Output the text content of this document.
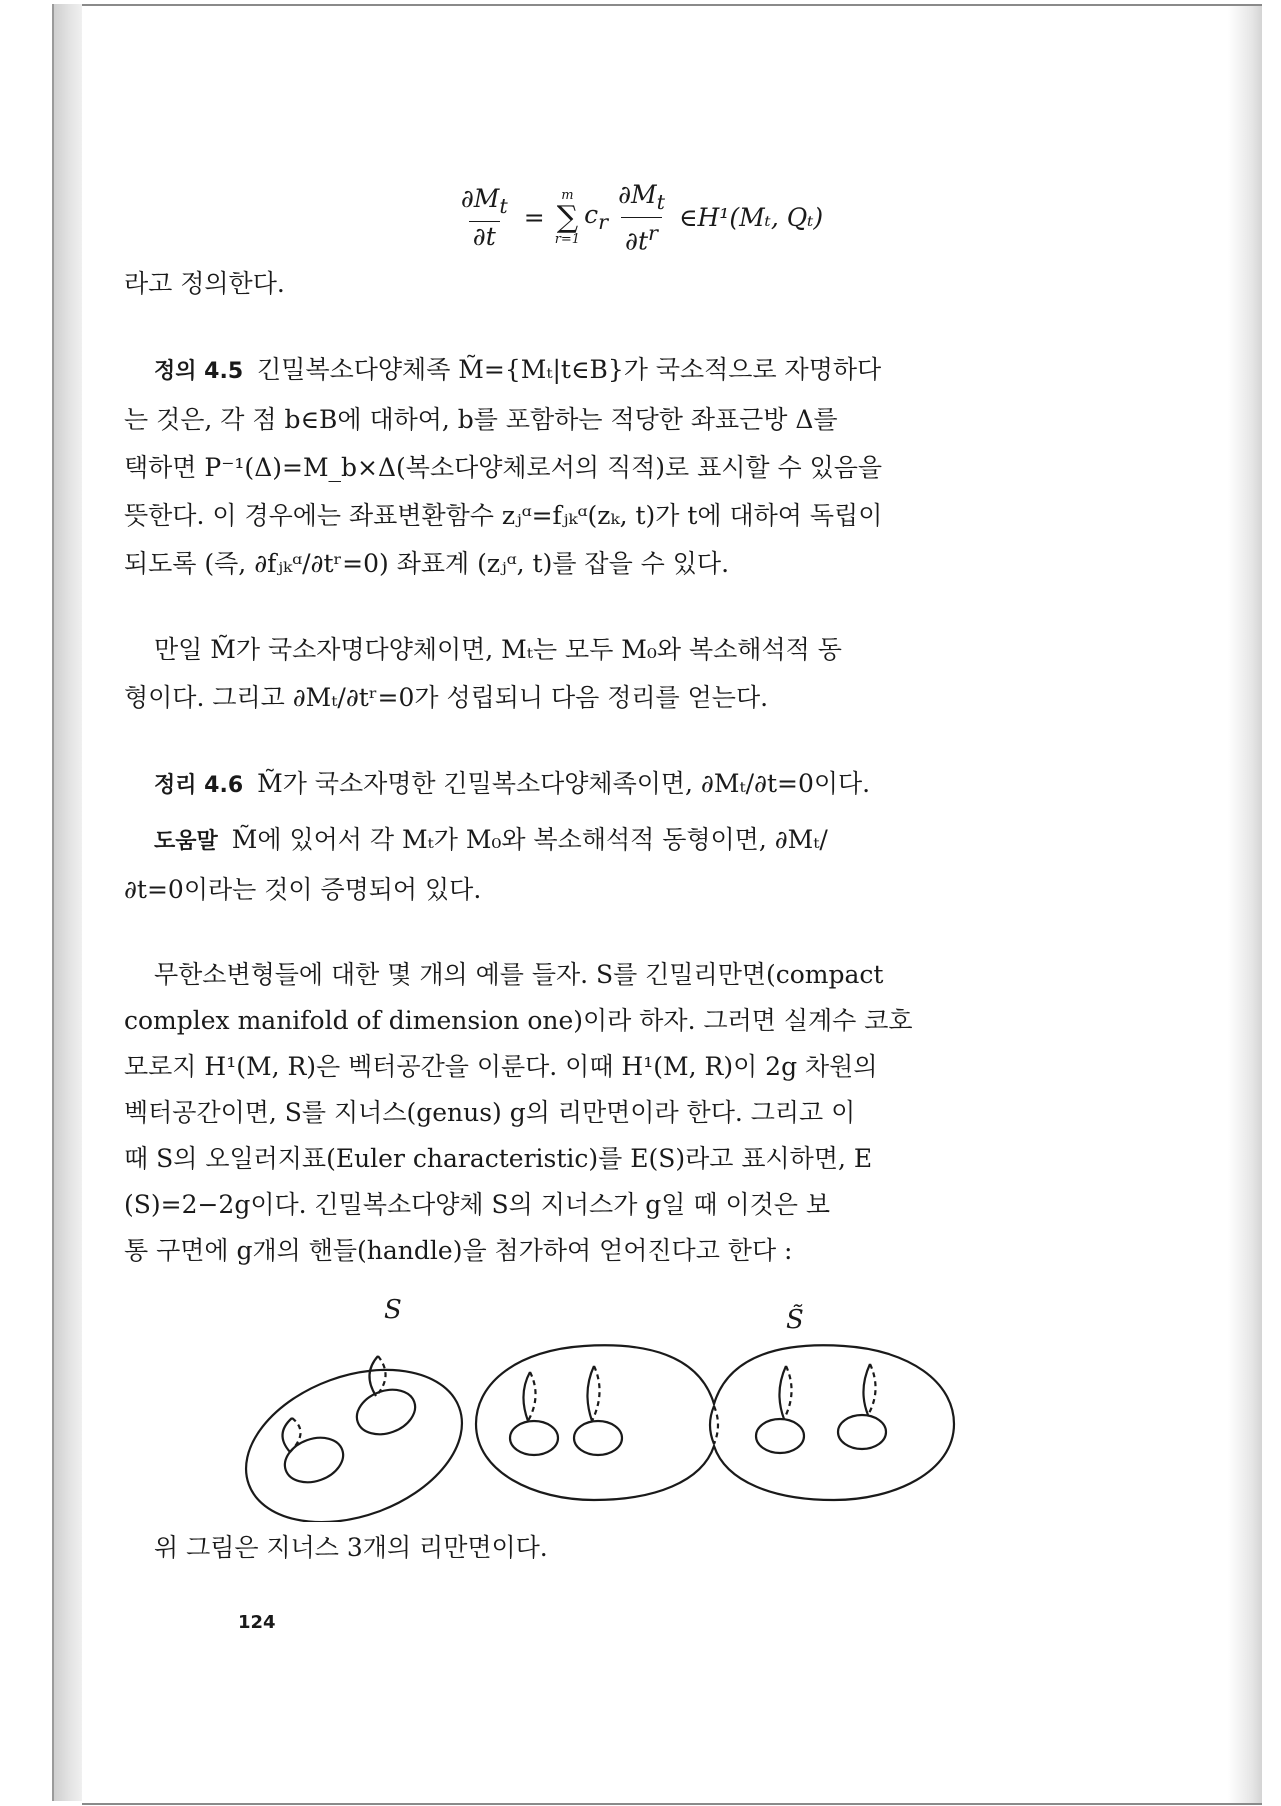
$\frac{\partial M_t}{\partial t}$ =
m
∑
r=1
$c_r \frac{\partial M_t}{\partial t^r}$ ∈H¹(Mₜ, Qₜ)

라고 정의한다.

정의 4.5 긴밀복소다양체족 M̃={Mₜ|t∈B}가 국소적으로 자명하다

는 것은, 각 점 b∈B에 대하여, b를 포함하는 적당한 좌표근방 Δ를

택하면 P⁻¹(Δ)=M_b×Δ(복소다양체로서의 직적)로 표시할 수 있음을

뜻한다. 이 경우에는 좌표변환함수 zⱼᵅ=fⱼₖᵅ(zₖ, t)가 t에 대하여 독립이

되도록 (즉, ∂fⱼₖᵅ/∂tʳ=0) 좌표계 (zⱼᵅ, t)를 잡을 수 있다.

만일 M̃가 국소자명다양체이면, Mₜ는 모두 M₀와 복소해석적 동

형이다. 그리고 ∂Mₜ/∂tʳ=0가 성립되니 다음 정리를 얻는다.

정리 4.6 M̃가 국소자명한 긴밀복소다양체족이면, ∂Mₜ/∂t=0이다.

도움말 M̃에 있어서 각 Mₜ가 M₀와 복소해석적 동형이면, ∂Mₜ/

∂t=0이라는 것이 증명되어 있다.

무한소변형들에 대한 몇 개의 예를 들자. S를 긴밀리만면(compact

complex manifold of dimension one)이라 하자. 그러면 실계수 코호

모로지 H¹(M, R)은 벡터공간을 이룬다. 이때 H¹(M, R)이 2g 차원의

벡터공간이면, S를 지너스(genus) g의 리만면이라 한다. 그리고 이

때 S의 오일러지표(Euler characteristic)를 E(S)라고 표시하면, E

(S)=2−2g이다. 긴밀복소다양체 S의 지너스가 g일 때 이것은 보

통 구면에 g개의 핸들(handle)을 첨가하여 얻어진다고 한다 :

S	S̃

위 그림은 지너스 3개의 리만면이다.

124
